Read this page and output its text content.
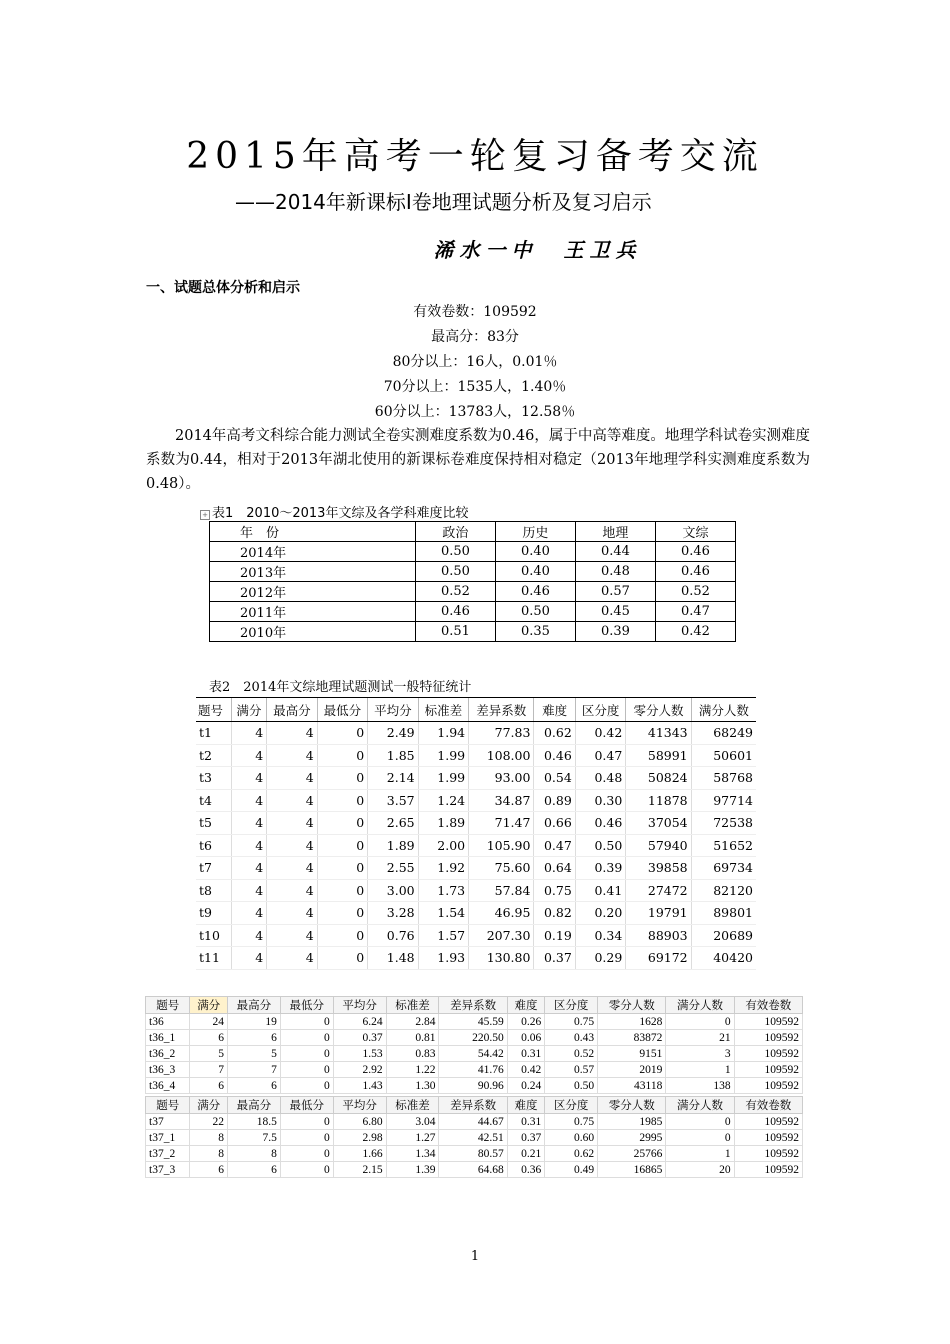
2015年高考一轮复习备考交流
——2014年新课标Ⅰ卷地理试题分析及复习启示
浠水一中　王卫兵
一、试题总体分析和启示
有效卷数：109592
最高分：83分
80分以上：16人，0.01％
70分以上：1535人，1.40％
60分以上：13783人，12.58％
2014年高考文科综合能力测试全卷实测难度系数为0.46，属于中高等难度。地理学科试卷实测难度系数为0.44，相对于2013年湖北使用的新课标卷难度保持相对稳定（2013年地理学科实测难度系数为0.48）。
+ 表1　2010～2013年文综及各学科难度比较
年　份	政治	历史	地理	文综
2014年	0.50	0.40	0.44	0.46
2013年	0.50	0.40	0.48	0.46
2012年	0.52	0.46	0.57	0.52
2011年	0.46	0.50	0.45	0.47
2010年	0.51	0.35	0.39	0.42
表2　2014年文综地理试题测试一般特征统计
题号	满分	最高分	最低分	平均分	标准差	差异系数	难度	区分度	零分人数	满分人数
t1	4	4	0	2.49	1.94	77.83	0.62	0.42	41343	68249
t2	4	4	0	1.85	1.99	108.00	0.46	0.47	58991	50601
t3	4	4	0	2.14	1.99	93.00	0.54	0.48	50824	58768
t4	4	4	0	3.57	1.24	34.87	0.89	0.30	11878	97714
t5	4	4	0	2.65	1.89	71.47	0.66	0.46	37054	72538
t6	4	4	0	1.89	2.00	105.90	0.47	0.50	57940	51652
t7	4	4	0	2.55	1.92	75.60	0.64	0.39	39858	69734
t8	4	4	0	3.00	1.73	57.84	0.75	0.41	27472	82120
t9	4	4	0	3.28	1.54	46.95	0.82	0.20	19791	89801
t10	4	4	0	0.76	1.57	207.30	0.19	0.34	88903	20689
t11	4	4	0	1.48	1.93	130.80	0.37	0.29	69172	40420
题号	满分	最高分	最低分	平均分	标准差	差异系数	难度	区分度	零分人数	满分人数	有效卷数
t36	24	19	0	6.24	2.84	45.59	0.26	0.75	1628	0	109592
t36_1	6	6	0	0.37	0.81	220.50	0.06	0.43	83872	21	109592
t36_2	5	5	0	1.53	0.83	54.42	0.31	0.52	9151	3	109592
t36_3	7	7	0	2.92	1.22	41.76	0.42	0.57	2019	1	109592
t36_4	6	6	0	1.43	1.30	90.96	0.24	0.50	43118	138	109592
题号	满分	最高分	最低分	平均分	标准差	差异系数	难度	区分度	零分人数	满分人数	有效卷数
t37	22	18.5	0	6.80	3.04	44.67	0.31	0.75	1985	0	109592
t37_1	8	7.5	0	2.98	1.27	42.51	0.37	0.60	2995	0	109592
t37_2	8	8	0	1.66	1.34	80.57	0.21	0.62	25766	1	109592
t37_3	6	6	0	2.15	1.39	64.68	0.36	0.49	16865	20	109592
1
